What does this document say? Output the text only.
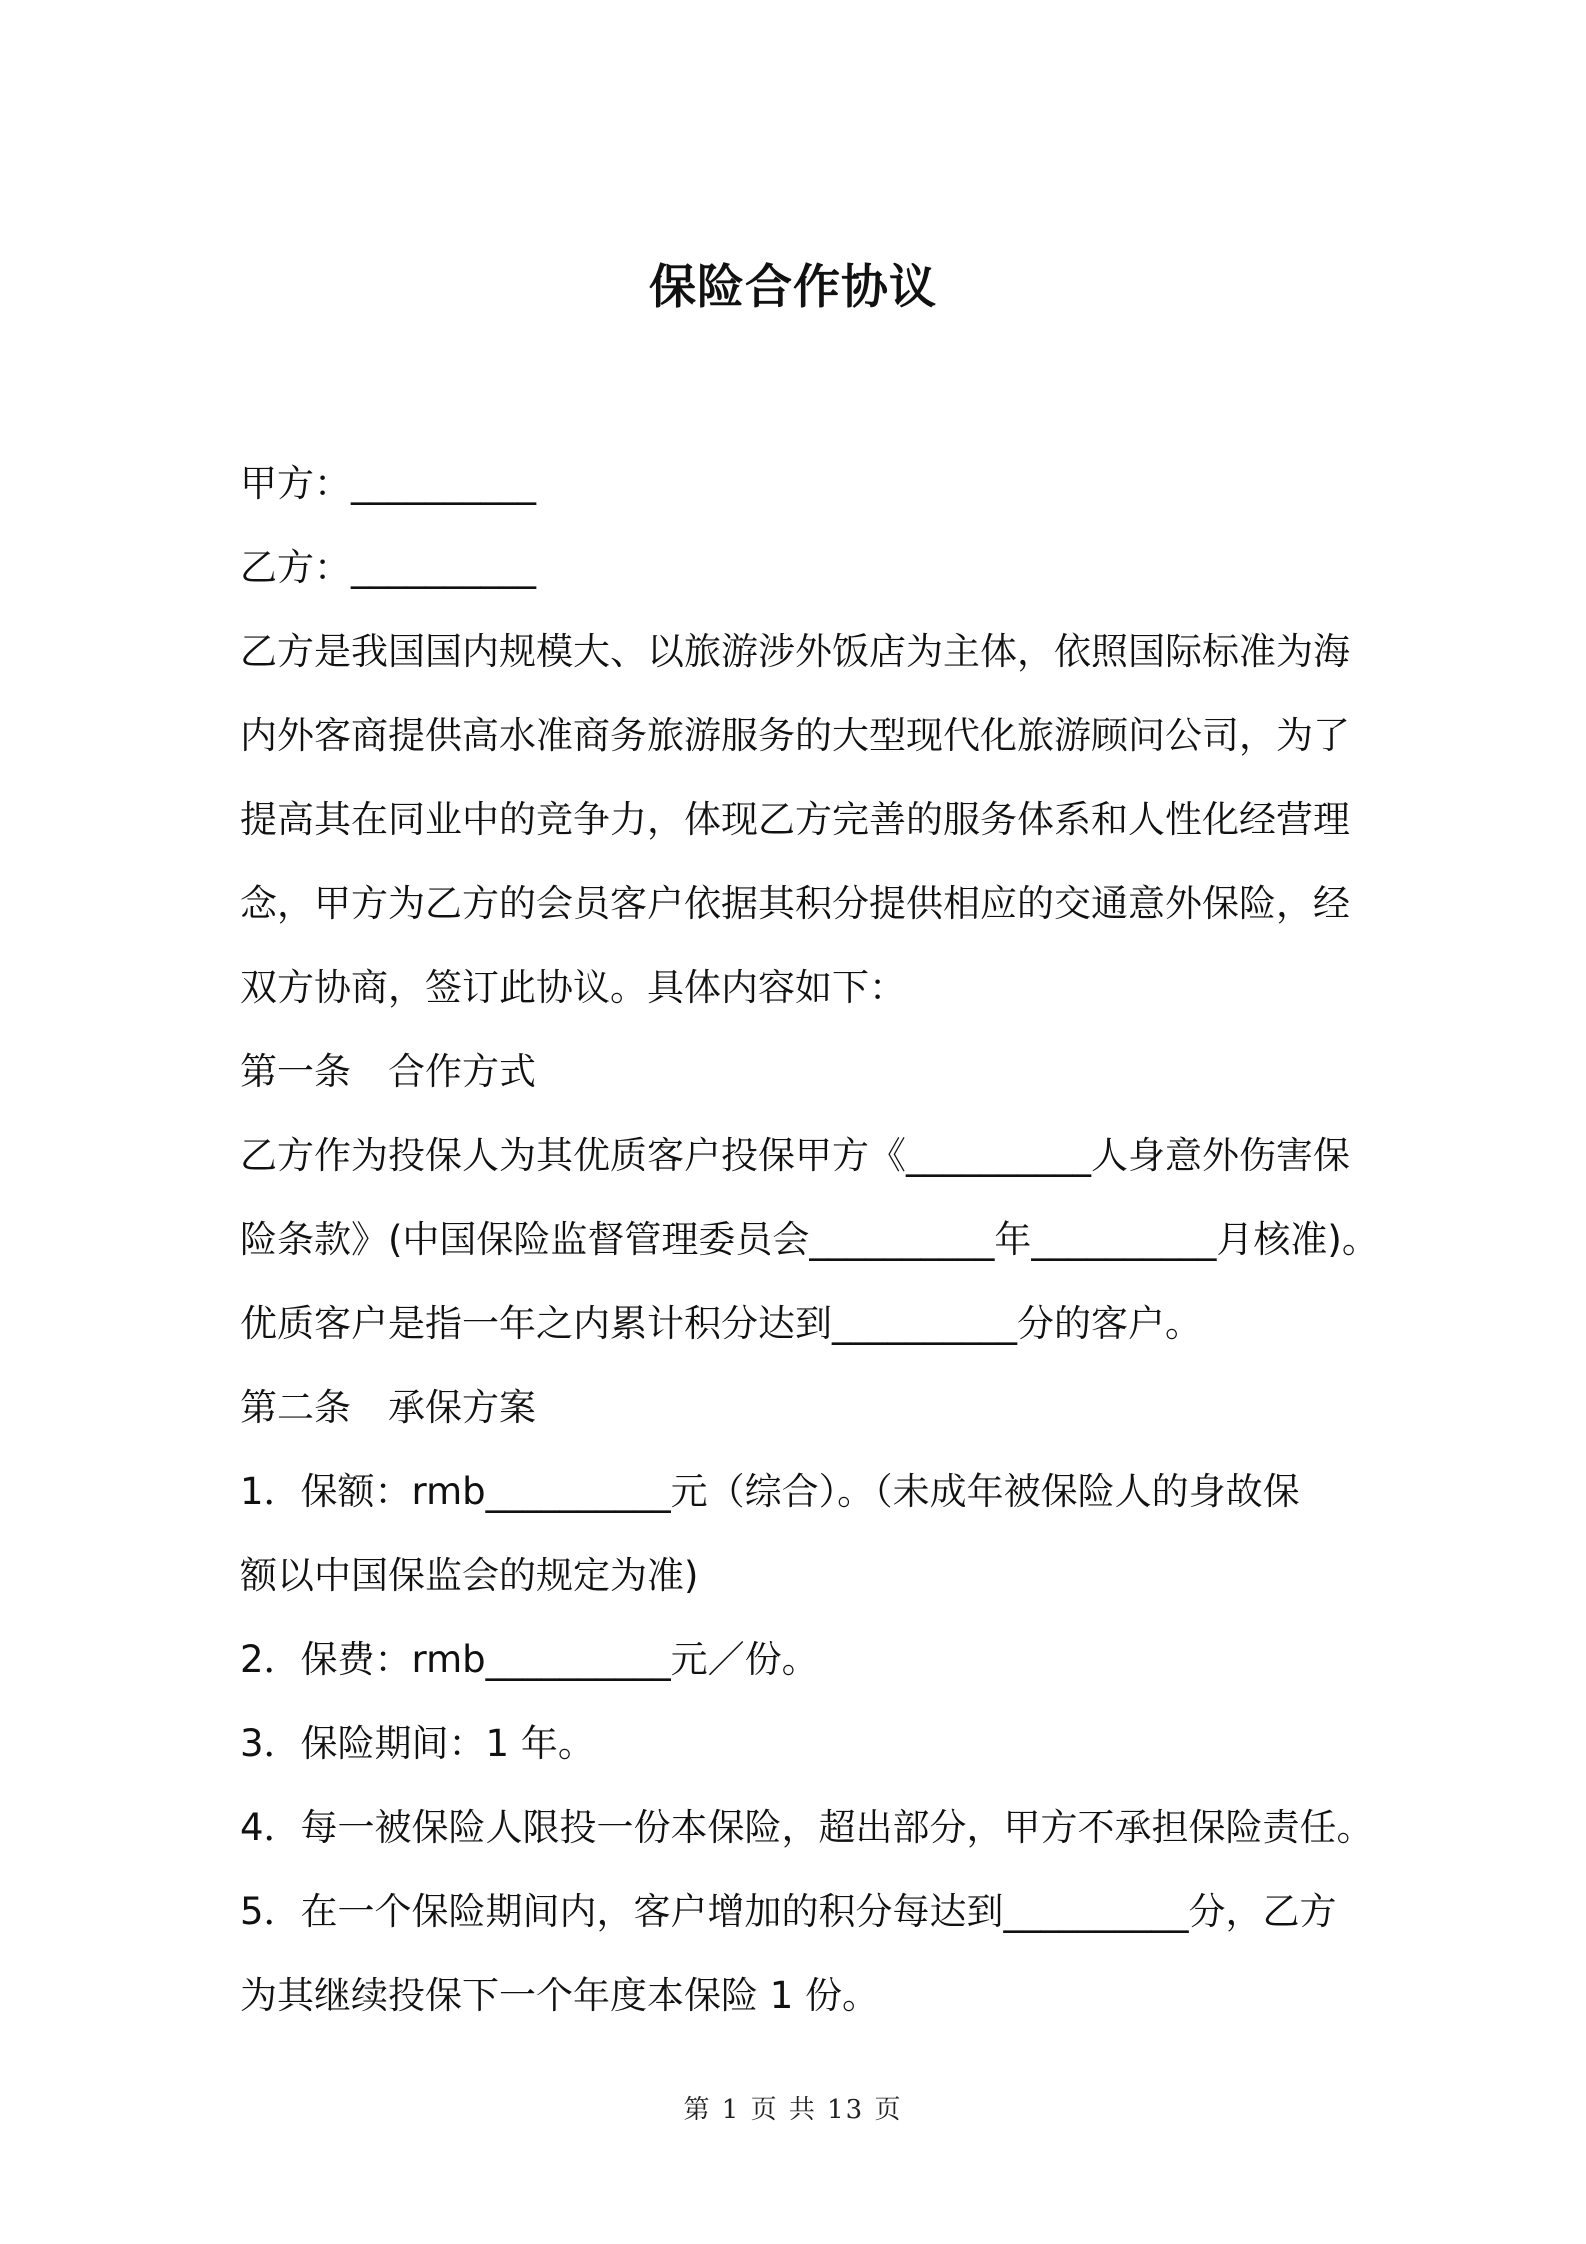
保险合作协议
甲方：__________
乙方：__________
乙方是我国国内规模大、以旅游涉外饭店为主体，依照国际标准为海
内外客商提供高水准商务旅游服务的大型现代化旅游顾问公司，为了
提高其在同业中的竞争力，体现乙方完善的服务体系和人性化经营理
念，甲方为乙方的会员客户依据其积分提供相应的交通意外保险，经
双方协商，签订此协议。具体内容如下：
第一条　合作方式
乙方作为投保人为其优质客户投保甲方《__________人身意外伤害保
险条款》(中国保险监督管理委员会__________年__________月核准)。
优质客户是指一年之内累计积分达到__________分的客户。
第二条　承保方案
1．保额：rmb__________元（综合）。（未成年被保险人的身故保
额以中国保监会的规定为准)
2．保费：rmb__________元／份。
3．保险期间：1 年。
4．每一被保险人限投一份本保险，超出部分，甲方不承担保险责任。
5．在一个保险期间内，客户增加的积分每达到__________分，乙方
为其继续投保下一个年度本保险 1 份。
第 1 页 共 13 页
